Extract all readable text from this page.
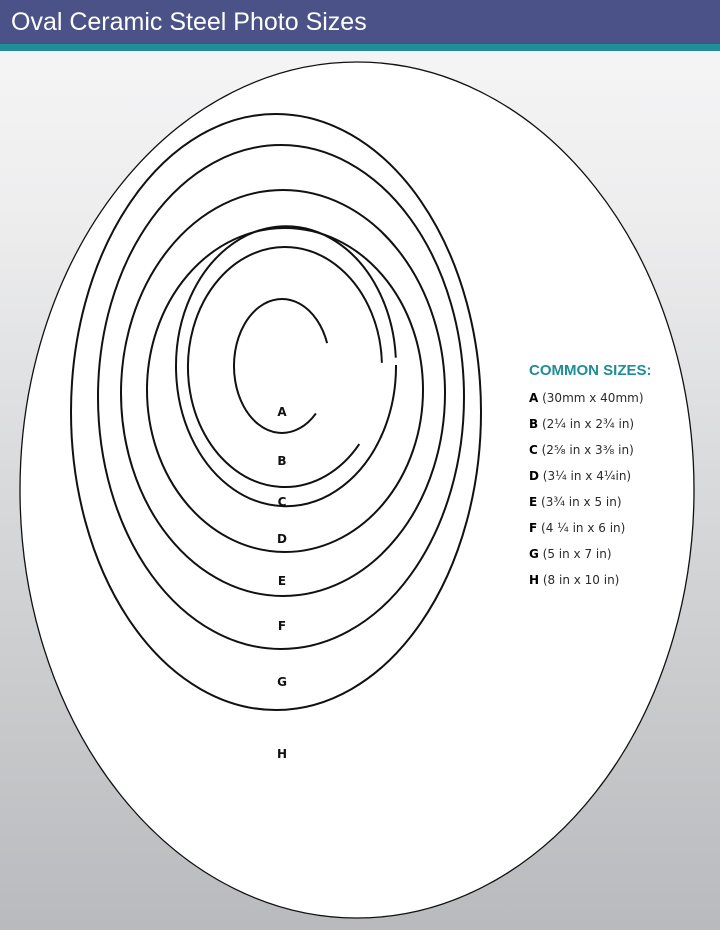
Oval Ceramic Steel Photo Sizes
A
B
C
D
E
F
G
H
COMMON SIZES:
A (30mm x 40mm)
B (2¼ in x 2¾ in)
C (2⁵⁄₈ in x 3³⁄₈ in)
D (3¼ in x 4¼in)
E (3¾ in x 5 in)
F (4 ¼ in x 6 in)
G (5 in x 7 in)
H (8 in x 10 in)
